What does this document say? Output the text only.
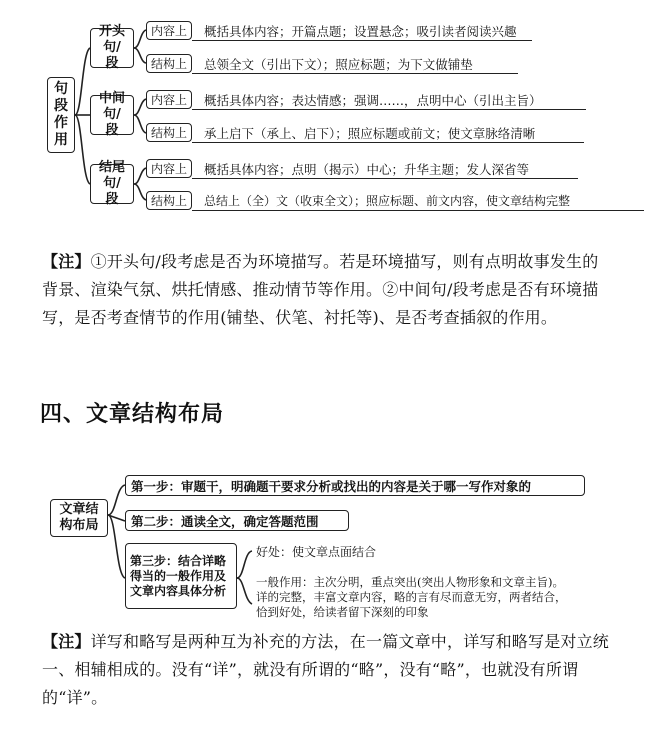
句段作用
开头句/段
中间句/段
结尾句/段
内容上
结构上
内容上
结构上
内容上
结构上
概括具体内容；开篇点题；设置悬念；吸引读者阅读兴趣
总领全文（引出下文）；照应标题；为下文做铺垫
概括具体内容；表达情感；强调……，点明中心（引出主旨）
承上启下（承上、启下）；照应标题或前文；使文章脉络清晰
概括具体内容；点明（揭示）中心；升华主题；发人深省等
总结上（全）文（收束全文）；照应标题、前文内容，使文章结构完整
【注】①开头句/段考虑是否为环境描写。若是环境描写，则有点明故事发生的背景、渲染气氛、烘托情感、推动情节等作用。②中间句/段考虑是否有环境描写，是否考查情节的作用(铺垫、伏笔、衬托等)、是否考查插叙的作用。
四、文章结构布局
文章结构布局
第一步：审题干，明确题干要求分析或找出的内容是关于哪一写作对象的
第二步：通读全文，确定答题范围
第三步：结合详略得当的一般作用及文章内容具体分析
好处：使文章点面结合
一般作用：主次分明，重点突出(突出人物形象和文章主旨)。
详的完整，丰富文章内容，略的言有尽而意无穷，两者结合，
恰到好处，给读者留下深刻的印象
【注】详写和略写是两种互为补充的方法，在一篇文章中，详写和略写是对立统一、相辅相成的。没有“详”，就没有所谓的“略”，没有“略”，也就没有所谓的“详”。
